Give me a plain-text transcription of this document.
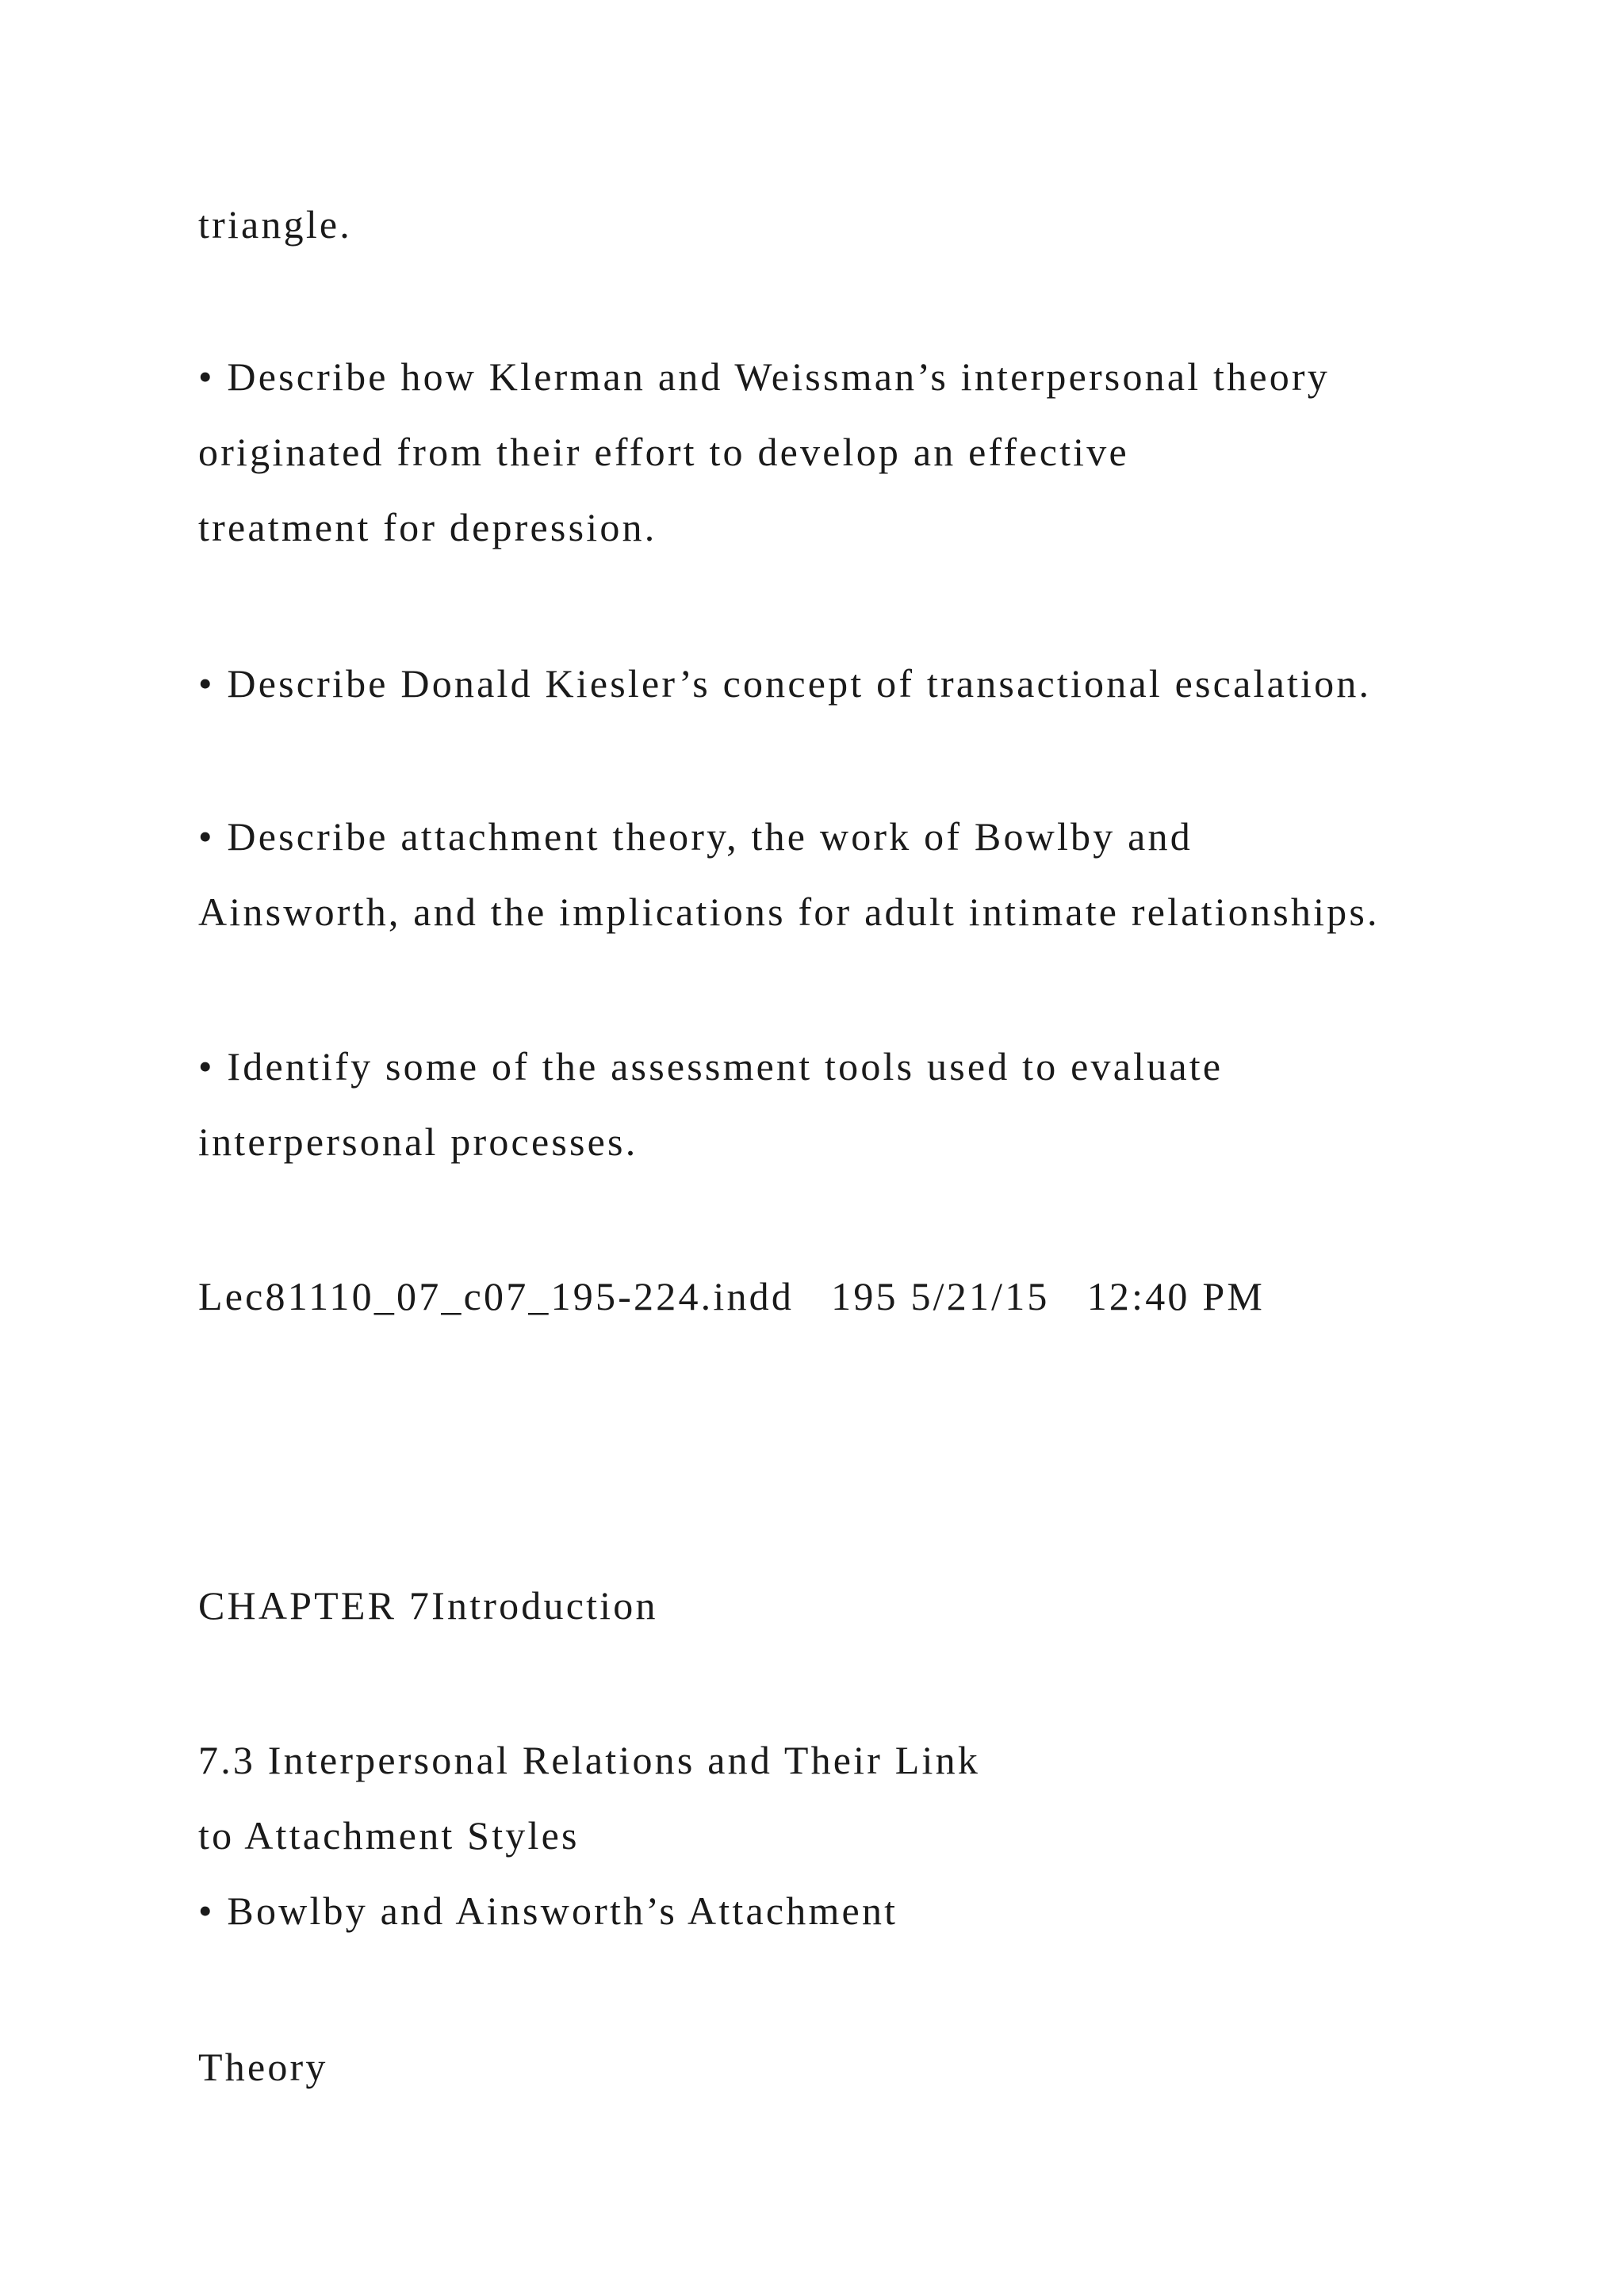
triangle.
• Describe how Klerman and Weissman’s interpersonal theory
originated from their effort to develop an effective
treatment for depression.
• Describe Donald Kiesler’s concept of transactional escalation.
• Describe attachment theory, the work of Bowlby and
Ainsworth, and the implications for adult intimate relationships.
• Identify some of the assessment tools used to evaluate
interpersonal processes.
Lec81110_07_c07_195-224.indd   195 5/21/15   12:40 PM
CHAPTER 7Introduction
7.3 Interpersonal Relations and Their Link
to Attachment Styles
• Bowlby and Ainsworth’s Attachment
Theory
